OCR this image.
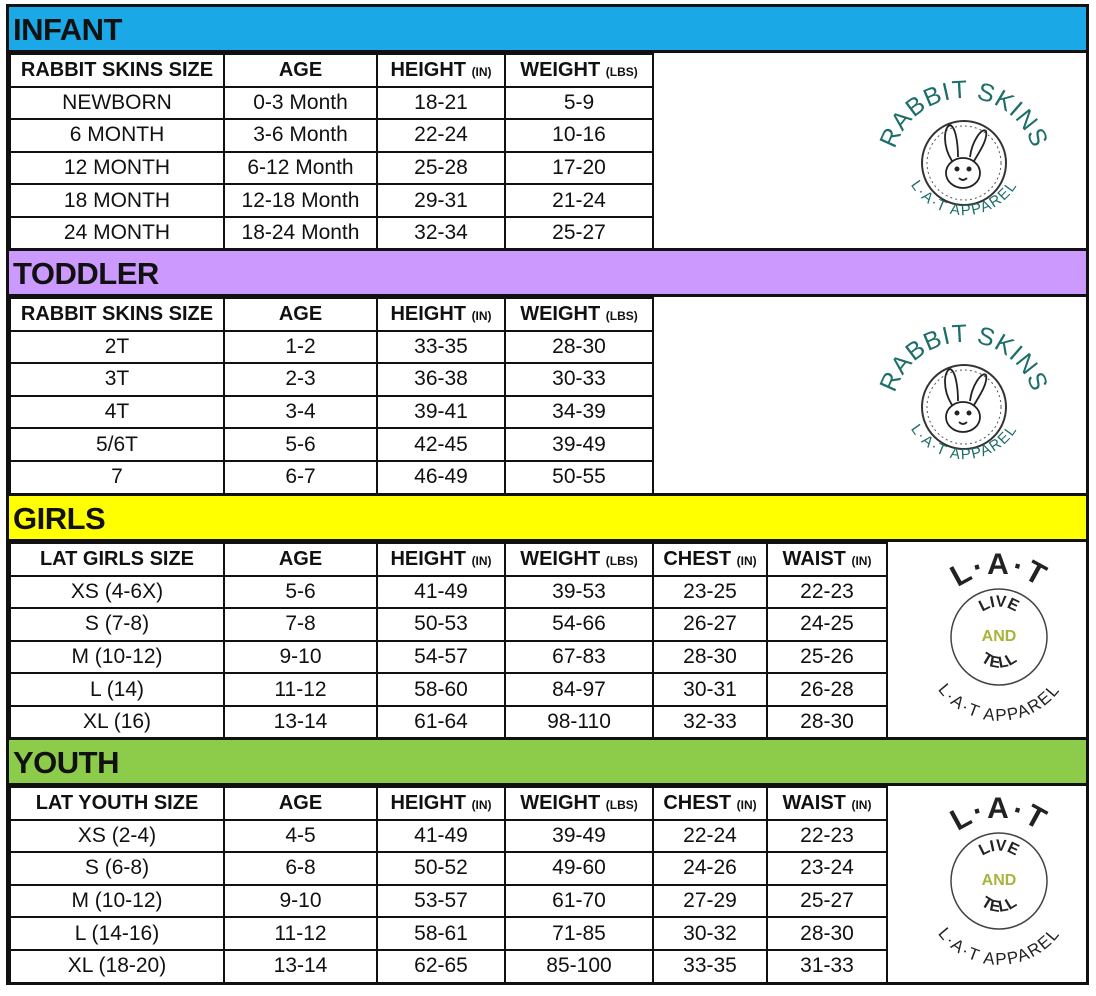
INFANT
RABBIT SKINS SIZE	AGE	HEIGHT (IN)	WEIGHT (LBS)
NEWBORN	0-3 Month	18-21	5-9
6 MONTH	3-6 Month	22-24	10-16
12 MONTH	6-12 Month	25-28	17-20
18 MONTH	12-18 Month	29-31	21-24
24 MONTH	18-24 Month	32-34	25-27
RABBIT SKINS
L·A·T APPAREL
TODDLER
RABBIT SKINS SIZE	AGE	HEIGHT (IN)	WEIGHT (LBS)
2T	1-2	33-35	28-30
3T	2-3	36-38	30-33
4T	3-4	39-41	34-39
5/6T	5-6	42-45	39-49
7	6-7	46-49	50-55
RABBIT SKINS
L·A·T APPAREL
GIRLS
LAT GIRLS SIZE	AGE	HEIGHT (IN)	WEIGHT (LBS)	CHEST (IN)	WAIST (IN)
XS (4-6X)	5-6	41-49	39-53	23-25	22-23
S (7-8)	7-8	50-53	54-66	26-27	24-25
M (10-12)	9-10	54-57	67-83	28-30	25-26
L (14)	11-12	58-60	84-97	30-31	26-28
XL (16)	13-14	61-64	98-110	32-33	28-30
L·A·T
LIVE
AND
TELL
L·A·T APPAREL
YOUTH
LAT YOUTH SIZE	AGE	HEIGHT (IN)	WEIGHT (LBS)	CHEST (IN)	WAIST (IN)
XS (2-4)	4-5	41-49	39-49	22-24	22-23
S (6-8)	6-8	50-52	49-60	24-26	23-24
M (10-12)	9-10	53-57	61-70	27-29	25-27
L (14-16)	11-12	58-61	71-85	30-32	28-30
XL (18-20)	13-14	62-65	85-100	33-35	31-33
L·A·T
LIVE
AND
TELL
L·A·T APPAREL
